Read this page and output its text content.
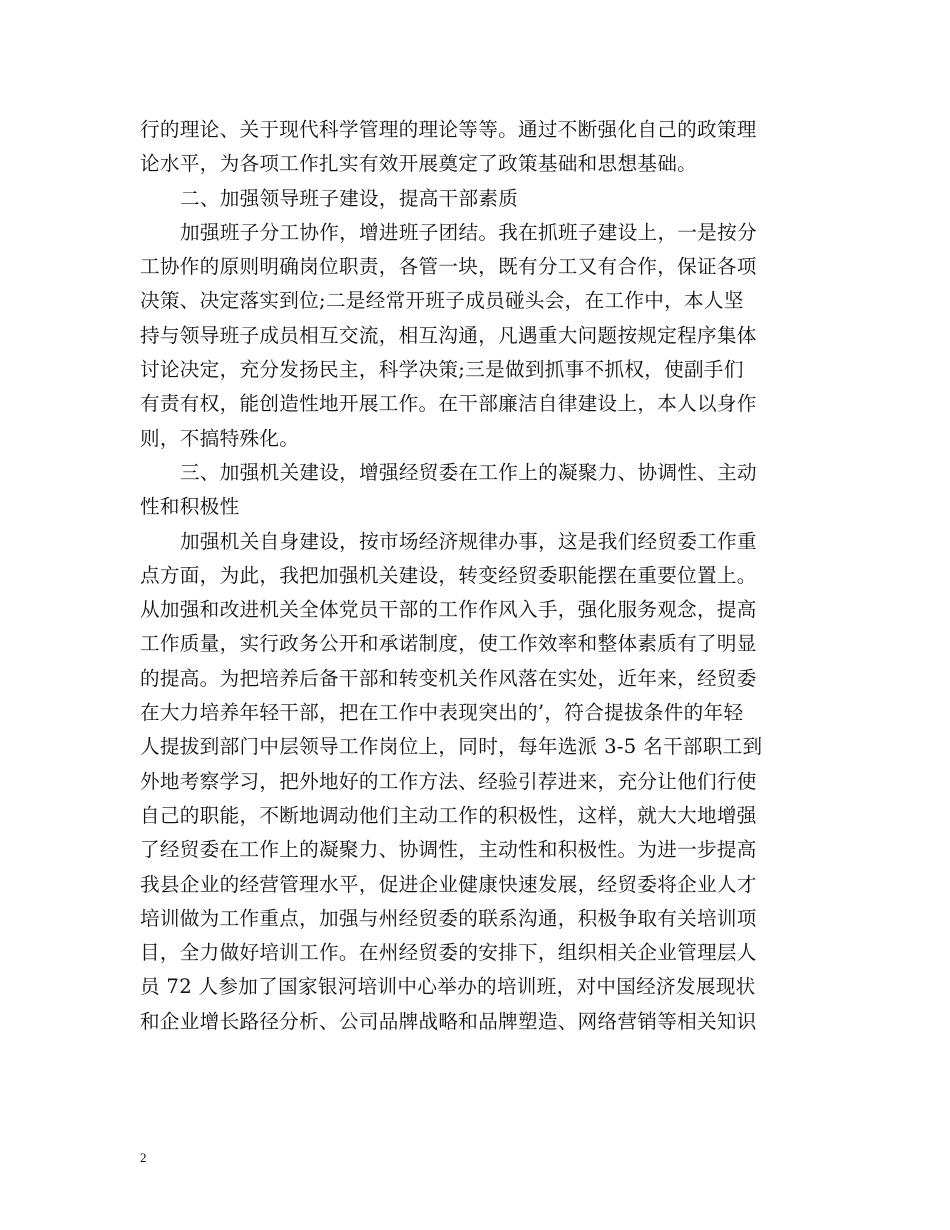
行的理论、关于现代科学管理的理论等等。通过不断强化自己的政策理
论水平，为各项工作扎实有效开展奠定了政策基础和思想基础。
二、加强领导班子建设，提高干部素质
加强班子分工协作，增进班子团结。我在抓班子建设上，一是按分
工协作的原则明确岗位职责，各管一块，既有分工又有合作，保证各项
决策、决定落实到位;二是经常开班子成员碰头会，在工作中，本人坚
持与领导班子成员相互交流，相互沟通，凡遇重大问题按规定程序集体
讨论决定，充分发扬民主，科学决策;三是做到抓事不抓权，使副手们
有责有权，能创造性地开展工作。在干部廉洁自律建设上，本人以身作
则，不搞特殊化。
三、加强机关建设，增强经贸委在工作上的凝聚力、协调性、主动
性和积极性
加强机关自身建设，按市场经济规律办事，这是我们经贸委工作重
点方面，为此，我把加强机关建设，转变经贸委职能摆在重要位置上。
从加强和改进机关全体党员干部的工作作风入手，强化服务观念，提高
工作质量，实行政务公开和承诺制度，使工作效率和整体素质有了明显
的提高。为把培养后备干部和转变机关作风落在实处，近年来，经贸委
在大力培养年轻干部，把在工作中表现突出的’，符合提拔条件的年轻
人提拔到部门中层领导工作岗位上，同时，每年选派 3-5 名干部职工到
外地考察学习，把外地好的工作方法、经验引荐进来，充分让他们行使
自己的职能，不断地调动他们主动工作的积极性，这样，就大大地增强
了经贸委在工作上的凝聚力、协调性，主动性和积极性。为进一步提高
我县企业的经营管理水平，促进企业健康快速发展，经贸委将企业人才
培训做为工作重点，加强与州经贸委的联系沟通，积极争取有关培训项
目，全力做好培训工作。在州经贸委的安排下，组织相关企业管理层人
员 72 人参加了国家银河培训中心举办的培训班，对中国经济发展现状
和企业增长路径分析、公司品牌战略和品牌塑造、网络营销等相关知识
2
